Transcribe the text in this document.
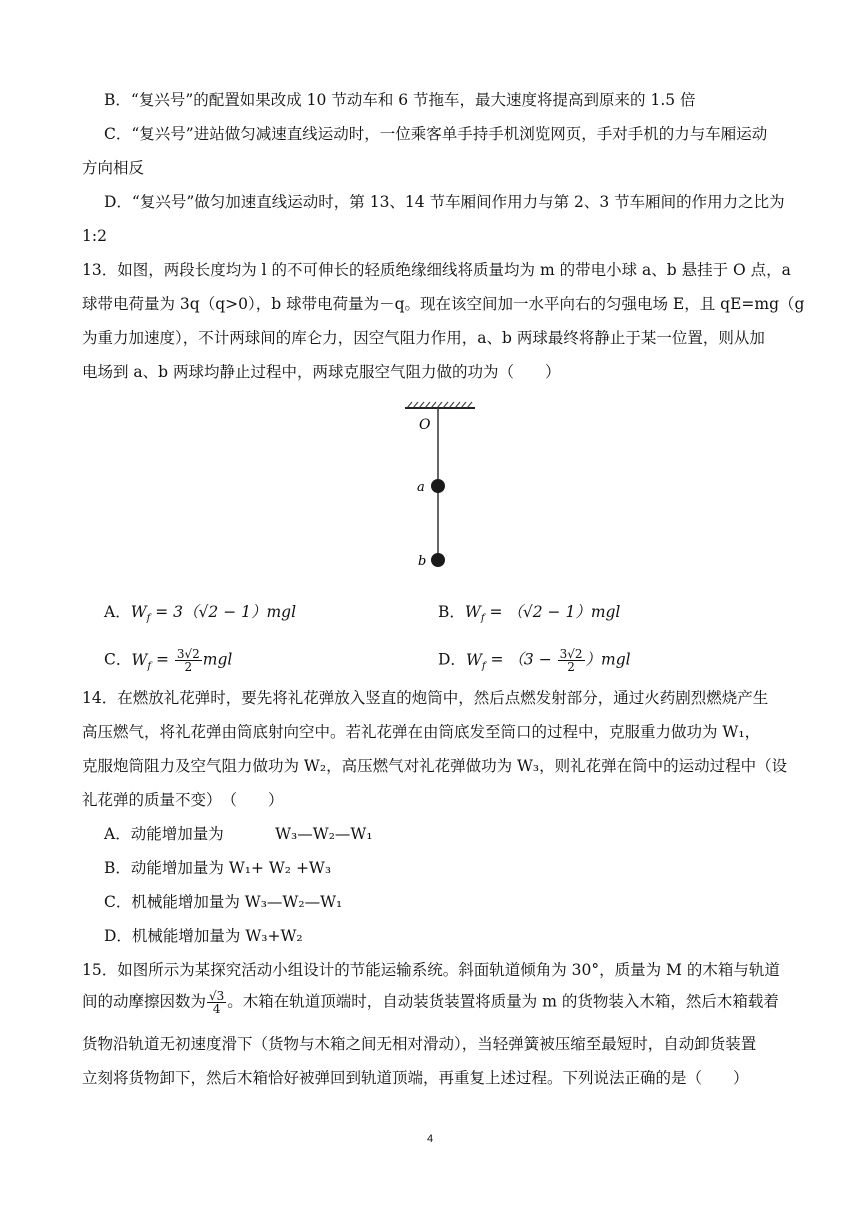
B．“复兴号”的配置如果改成 10 节动车和 6 节拖车，最大速度将提高到原来的 1.5 倍
C．“复兴号”进站做匀减速直线运动时，一位乘客单手持手机浏览网页，手对手机的力与车厢运动
方向相反
D．“复兴号”做匀加速直线运动时，第 13、14 节车厢间作用力与第 2、3 节车厢间的作用力之比为
1:2
13．如图，两段长度均为 l 的不可伸长的轻质绝缘细线将质量均为 m 的带电小球 a、b 悬挂于 O 点，a
球带电荷量为 3q（q>0），b 球带电荷量为－q。现在该空间加一水平向右的匀强电场 E，且 qE=mg（g
为重力加速度），不计两球间的库仑力，因空气阻力作用，a、b 两球最终将静止于某一位置，则从加
电场到 a、b 两球均静止过程中，两球克服空气阻力做的功为（　　）
O
a
b
A．$W_f = 3(√2 - 1)mgl$	B．$W_f = (√2 - 1)mgl$
C．$W_f = \frac{3√2}{2}$ mgl	D．$W_f = (3 - \frac{3√2}{2} )mgl$
14．在燃放礼花弹时，要先将礼花弹放入竖直的炮筒中，然后点燃发射部分，通过火药剧烈燃烧产生
高压燃气，将礼花弹由筒底射向空中。若礼花弹在由筒底发至筒口的过程中，克服重力做功为 W₁，
克服炮筒阻力及空气阻力做功为 W₂，高压燃气对礼花弹做功为 W₃，则礼花弹在筒中的运动过程中（设
礼花弹的质量不变）　（　　）
A．动能增加量为　　　 W₃—W₂—W₁
B．动能增加量为 W₁+ W₂ +W₃
C．机械能增加量为 W₃—W₂—W₁
D．机械能增加量为 W₃+W₂
15．如图所示为某探究活动小组设计的节能运输系统。斜面轨道倾角为 30°，质量为 M 的木箱与轨道
间的动摩擦因数为 $\frac{√3}{4}$ 。木箱在轨道顶端时，自动装货装置将质量为 m 的货物装入木箱，然后木箱载着
货物沿轨道无初速度滑下（货物与木箱之间无相对滑动），当轻弹簧被压缩至最短时，自动卸货装置
立刻将货物卸下，然后木箱恰好被弹回到轨道顶端，再重复上述过程。下列说法正确的是（　　）
4
